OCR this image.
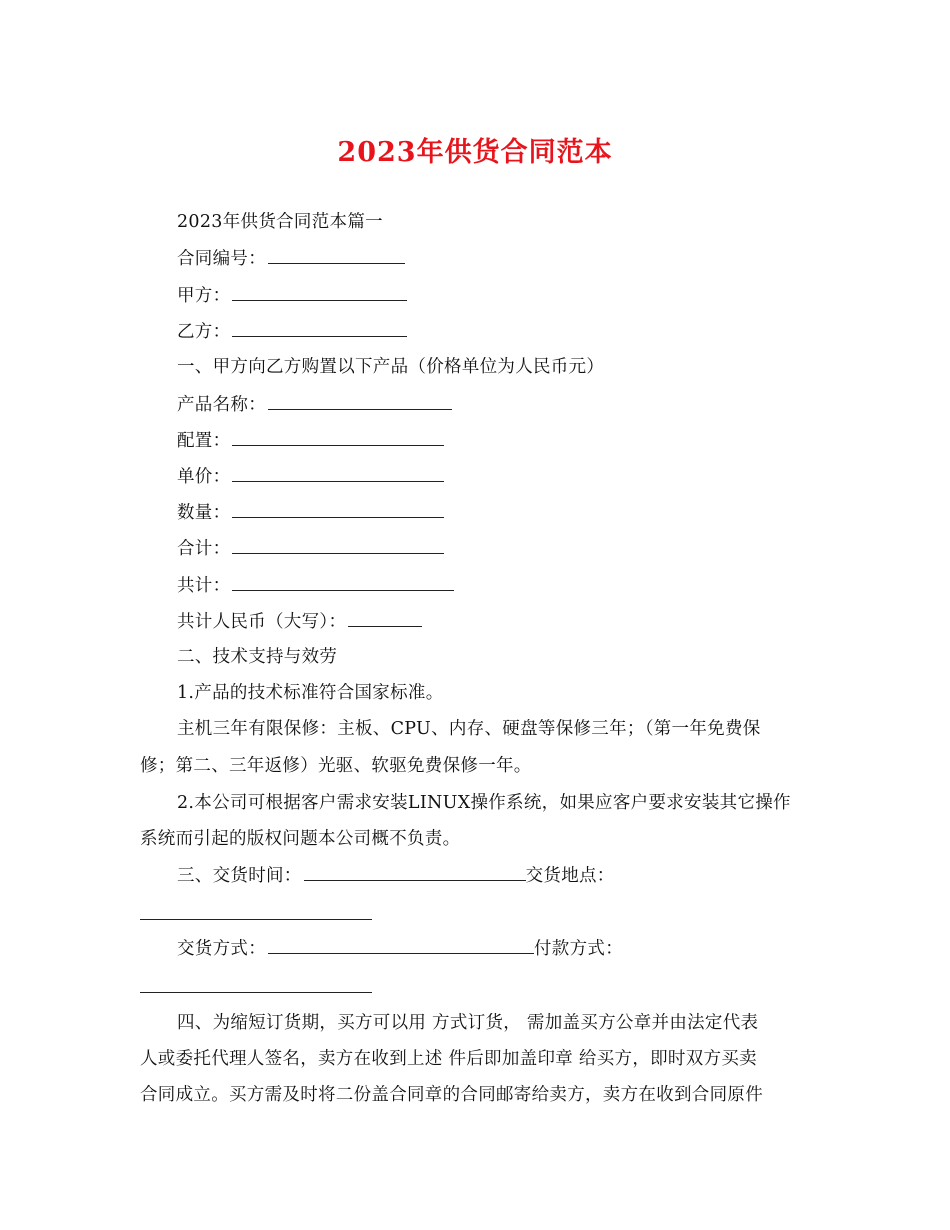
2023年供货合同范本
2023年供货合同范本篇一
合同编号：
甲方：
乙方：
一、甲方向乙方购置以下产品（价格单位为人民币元）
产品名称：
配置：
单价：
数量：
合计：
共计：
共计人民币（大写）：
二、技术支持与效劳
1.产品的技术标准符合国家标准。
主机三年有限保修：主板、CPU、内存、硬盘等保修三年；（第一年免费保
修；第二、三年返修）光驱、软驱免费保修一年。
2.本公司可根据客户需求安装LINUX操作系统，如果应客户要求安装其它操作
系统而引起的版权问题本公司概不负责。
三、交货时间：	交货地点：
交货方式：	付款方式：
四、为缩短订货期，买方可以用 方式订货， 需加盖买方公章并由法定代表
人或委托代理人签名，卖方在收到上述 件后即加盖印章 给买方，即时双方买卖
合同成立。买方需及时将二份盖合同章的合同邮寄给卖方，卖方在收到合同原件
